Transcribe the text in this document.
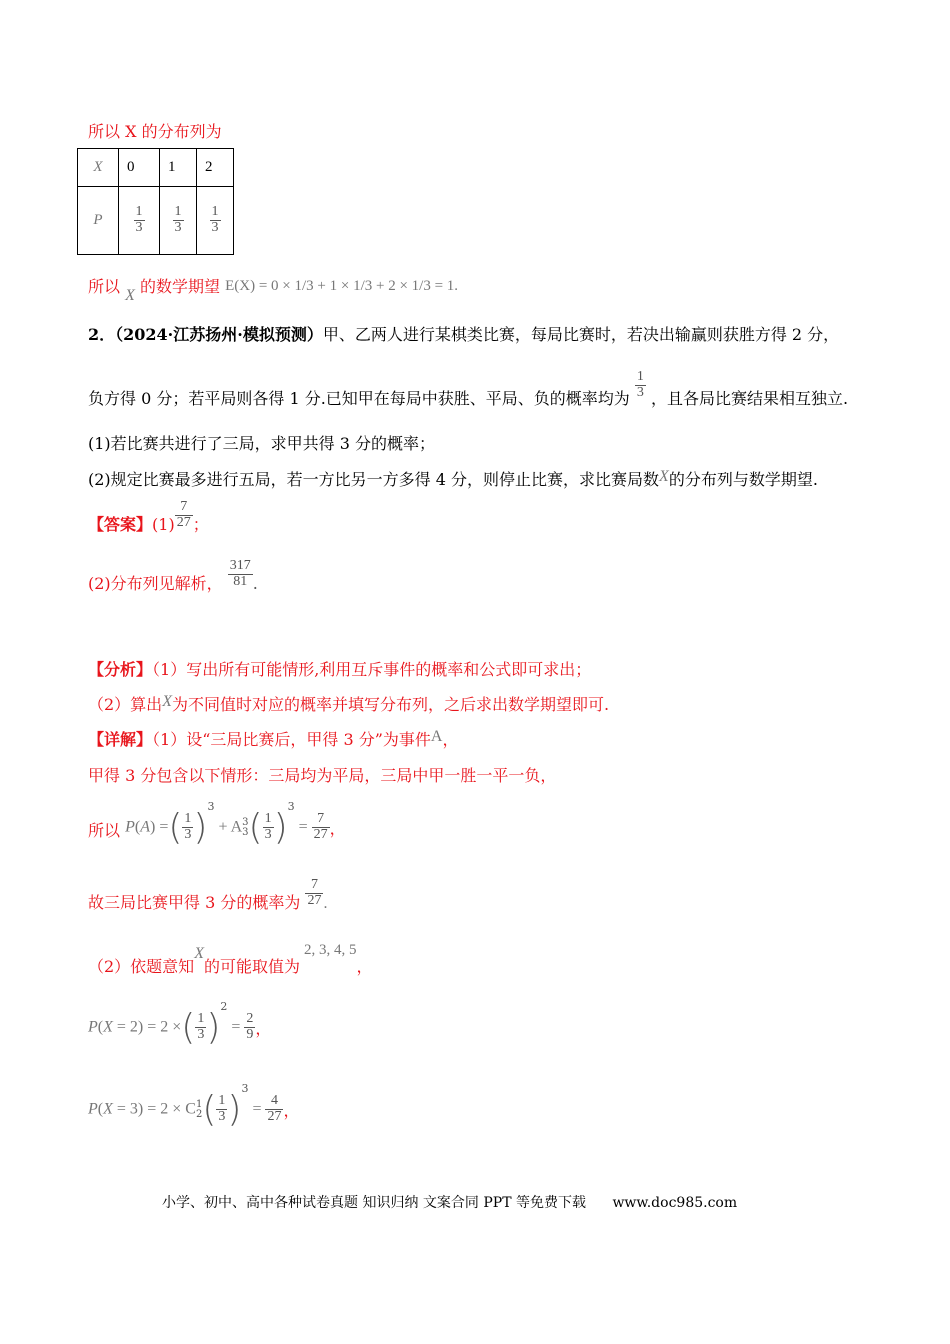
所以 X 的分布列为
X	0	1	2
P	$\frac{1}{3}$	$\frac{1}{3}$	$\frac{1}{3}$
所以 X 的数学期望 E(X) = 0 × 1/3 + 1 × 1/3 + 2 × 1/3 = 1.
2．（2024·江苏扬州·模拟预测）甲、乙两人进行某棋类比赛，每局比赛时，若决出输赢则获胜方得 2 分，
负方得 0 分；若平局则各得 1 分.已知甲在每局中获胜、平局、负的概率均为 $\frac{1}{3}$ ，且各局比赛结果相互独立.
(1)若比赛共进行了三局，求甲共得 3 分的概率；
(2)规定比赛最多进行五局，若一方比另一方多得 4 分，则停止比赛，求比赛局数X的分布列与数学期望.
【答案】$(1) \frac{7}{27}$ ；
(2)分布列见解析， $\frac{317}{81}$ .
【分析】（1）写出所有可能情形,利用互斥事件的概率和公式即可求出；
（2）算出X为不同值时对应的概率并填写分布列，之后求出数学期望即可.
【详解】（1）设“三局比赛后，甲得 3 分”为事件A，
甲得 3 分包含以下情形：三局均为平局，三局中甲一胜一平一负，
所以 P(A) =( $\frac{1}{3} )^3 + A3$
$3( \frac{1}{3} )^3 = \frac{7}{27}$ ，
故三局比赛甲得 3 分的概率为 $\frac{7}{27}$ .
（2）依题意知X的可能取值为2, 3, 4, 5，
P(X = 2) = 2 ×( $\frac{1}{3} )^2 = \frac{2}{9}$ ，
P(X = 3) = 2 × C1
$2( \frac{1}{3} )^3 = \frac{4}{27}$ ，
小学、初中、高中各种试卷真题 知识归纳 文案合同 PPT 等免费下载 www.doc985.com
